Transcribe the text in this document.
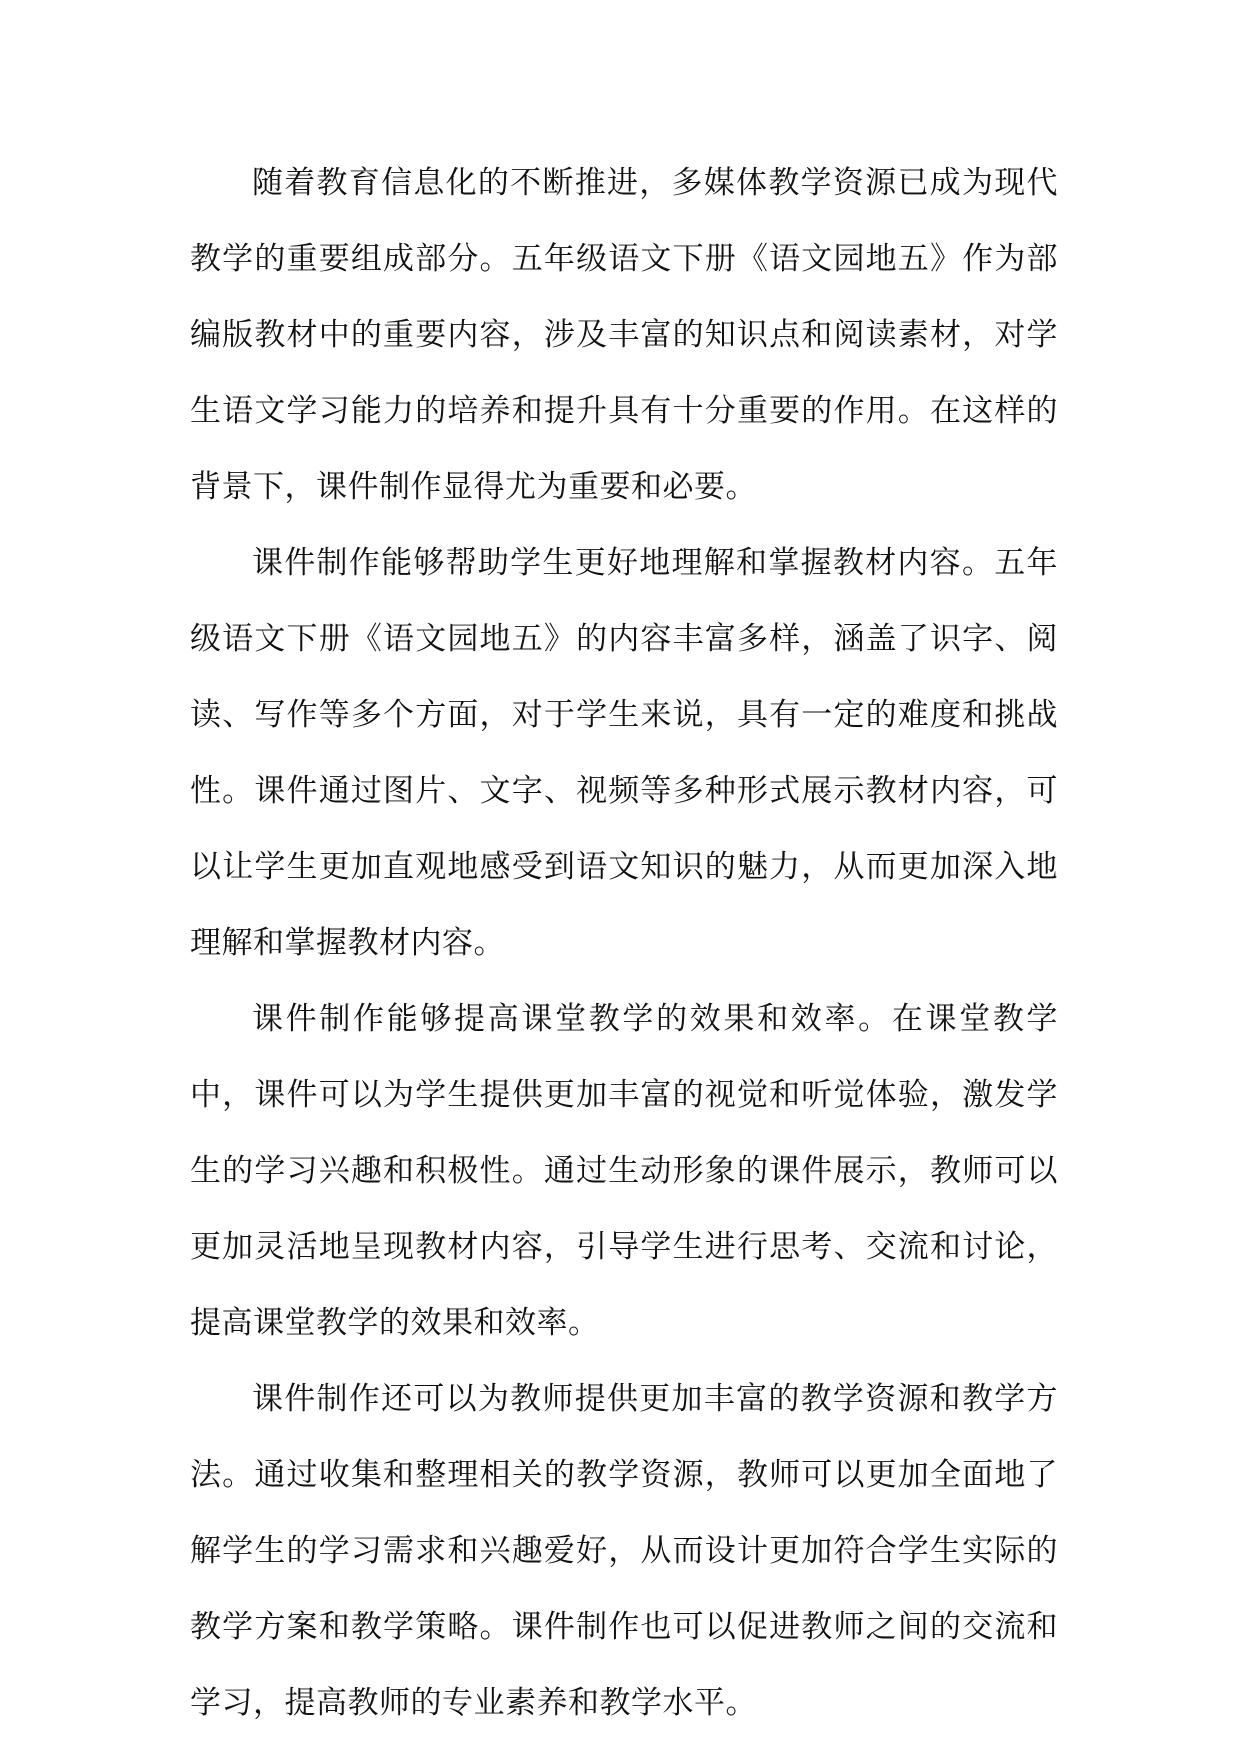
随着教育信息化的不断推进，多媒体教学资源已成为现代教学的重要组成部分。五年级语文下册《语文园地五》作为部编版教材中的重要内容，涉及丰富的知识点和阅读素材，对学生语文学习能力的培养和提升具有十分重要的作用。在这样的背景下，课件制作显得尤为重要和必要。

课件制作能够帮助学生更好地理解和掌握教材内容。五年级语文下册《语文园地五》的内容丰富多样，涵盖了识字、阅读、写作等多个方面，对于学生来说，具有一定的难度和挑战性。课件通过图片、文字、视频等多种形式展示教材内容，可以让学生更加直观地感受到语文知识的魅力，从而更加深入地理解和掌握教材内容。

课件制作能够提高课堂教学的效果和效率。在课堂教学中，课件可以为学生提供更加丰富的视觉和听觉体验，激发学生的学习兴趣和积极性。通过生动形象的课件展示，教师可以更加灵活地呈现教材内容，引导学生进行思考、交流和讨论，提高课堂教学的效果和效率。

课件制作还可以为教师提供更加丰富的教学资源和教学方法。通过收集和整理相关的教学资源，教师可以更加全面地了解学生的学习需求和兴趣爱好，从而设计更加符合学生实际的教学方案和教学策略。课件制作也可以促进教师之间的交流和学习，提高教师的专业素养和教学水平。
